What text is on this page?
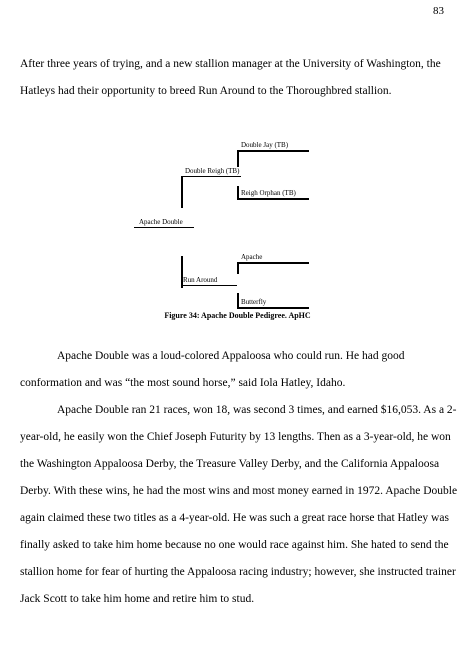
83

After three years of trying, and a new stallion manager at the University of Washington, the Hatleys had their opportunity to breed Run Around to the Thoroughbred stallion.

Double Jay (TB)
Double Reigh (TB)
Reigh Orphan (TB)
Apache Double
Apache
Run Around
Butterfly
Figure 34: Apache Double Pedigree. ApHC

Apache Double was a loud-colored Appaloosa who could run. He had good conformation and was “the most sound horse,” said Iola Hatley, Idaho.

Apache Double ran 21 races, won 18, was second 3 times, and earned $16,053. As a 2-year-old, he easily won the Chief Joseph Futurity by 13 lengths. Then as a 3-year-old, he won the Washington Appaloosa Derby, the Treasure Valley Derby, and the California Appaloosa Derby. With these wins, he had the most wins and most money earned in 1972. Apache Double again claimed these two titles as a 4-year-old. He was such a great race horse that Hatley was finally asked to take him home because no one would race against him. She hated to send the stallion home for fear of hurting the Appaloosa racing industry; however, she instructed trainer Jack Scott to take him home and retire him to stud.
